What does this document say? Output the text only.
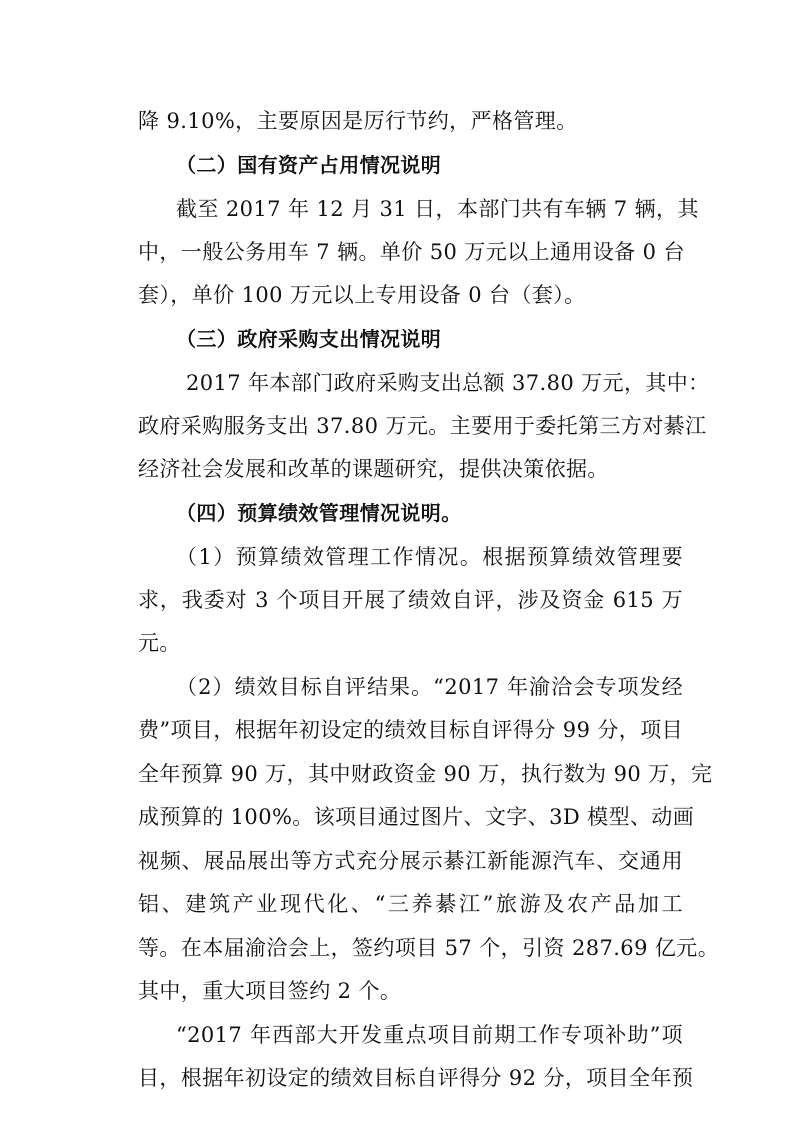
降 9.10%，主要原因是厉行节约，严格管理。
（二）国有资产占用情况说明
截至 2017 年 12 月 31 日，本部门共有车辆 7 辆，其
中，一般公务用车 7 辆。单价 50 万元以上通用设备 0 台
套），单价 100 万元以上专用设备 0 台（套）。
（三）政府采购支出情况说明
2017 年本部门政府采购支出总额 37.80 万元，其中：
政府采购服务支出 37.80 万元。主要用于委托第三方对綦江
经济社会发展和改革的课题研究，提供决策依据。
（四）预算绩效管理情况说明。
（1）预算绩效管理工作情况。根据预算绩效管理要
求，我委对 3 个项目开展了绩效自评，涉及资金 615 万
元。
（2）绩效目标自评结果。“2017 年渝洽会专项发经
费”项目，根据年初设定的绩效目标自评得分 99 分，项目
全年预算 90 万，其中财政资金 90 万，执行数为 90 万，完
成预算的 100%。该项目通过图片、文字、3D 模型、动画
视频、展品展出等方式充分展示綦江新能源汽车、交通用
铝、建筑产业现代化、“三养綦江”旅游及农产品加工
等。在本届渝洽会上，签约项目 57 个，引资 287.69 亿元。
其中，重大项目签约 2 个。
“2017 年西部大开发重点项目前期工作专项补助”项
目，根据年初设定的绩效目标自评得分 92 分，项目全年预
